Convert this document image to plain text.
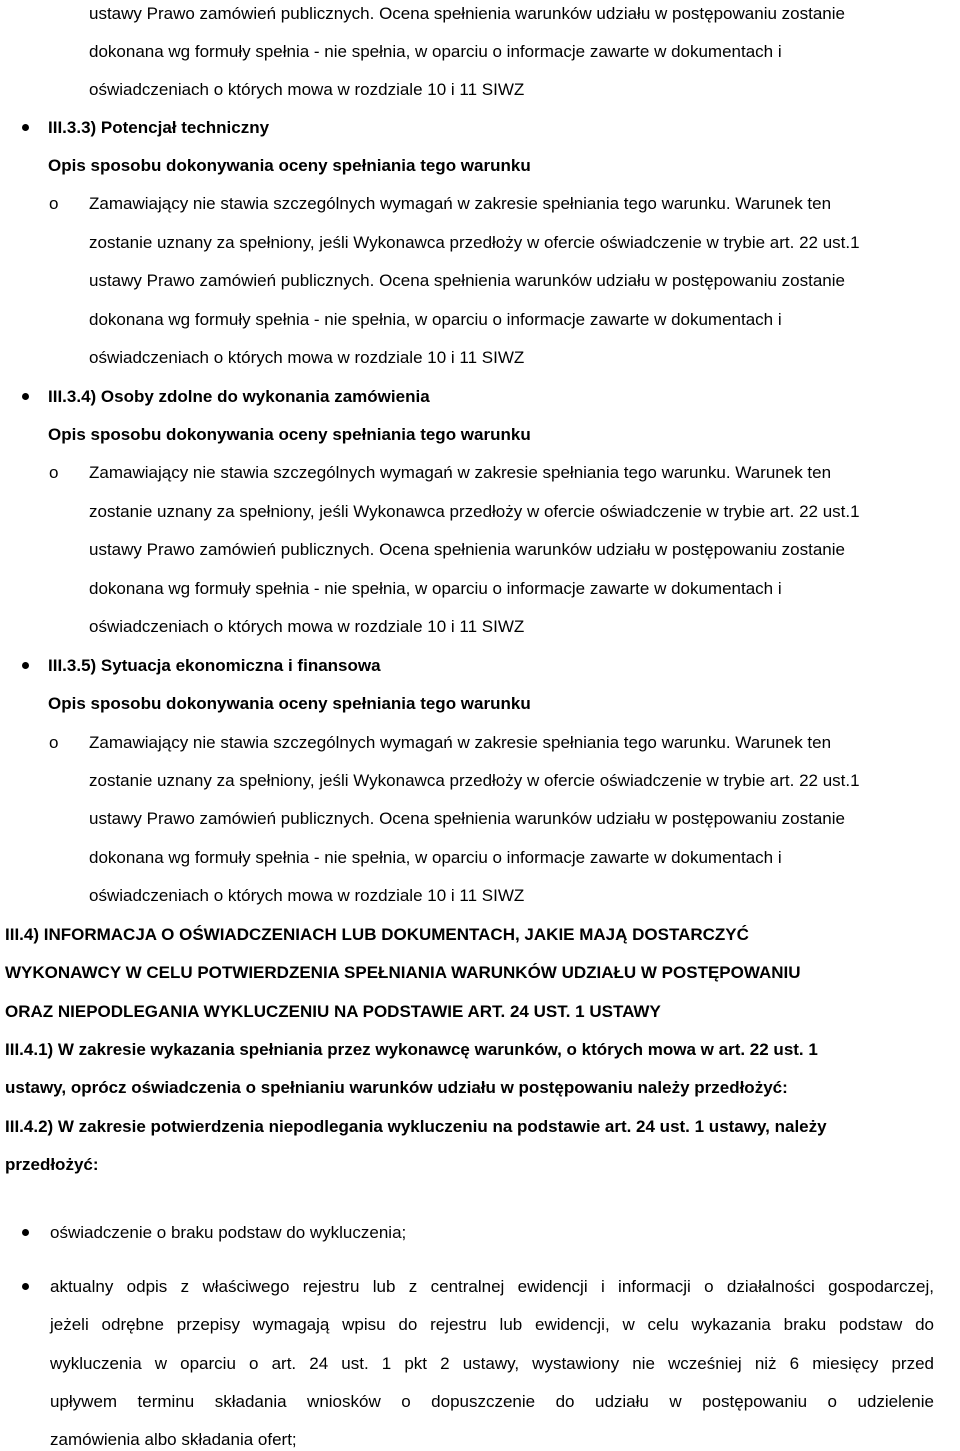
ustawy Prawo zamówień publicznych. Ocena spełnienia warunków udziału w postępowaniu zostanie
dokonana wg formuły spełnia - nie spełnia, w oparciu o informacje zawarte w dokumentach i
oświadczeniach o których mowa w rozdziale 10 i 11 SIWZ
III.3.3) Potencjał techniczny
Opis sposobu dokonywania oceny spełniania tego warunku
o Zamawiający nie stawia szczególnych wymagań w zakresie spełniania tego warunku. Warunek ten
zostanie uznany za spełniony, jeśli Wykonawca przedłoży w ofercie oświadczenie w trybie art. 22 ust.1
ustawy Prawo zamówień publicznych. Ocena spełnienia warunków udziału w postępowaniu zostanie
dokonana wg formuły spełnia - nie spełnia, w oparciu o informacje zawarte w dokumentach i
oświadczeniach o których mowa w rozdziale 10 i 11 SIWZ
III.3.4) Osoby zdolne do wykonania zamówienia
Opis sposobu dokonywania oceny spełniania tego warunku
o Zamawiający nie stawia szczególnych wymagań w zakresie spełniania tego warunku. Warunek ten
zostanie uznany za spełniony, jeśli Wykonawca przedłoży w ofercie oświadczenie w trybie art. 22 ust.1
ustawy Prawo zamówień publicznych. Ocena spełnienia warunków udziału w postępowaniu zostanie
dokonana wg formuły spełnia - nie spełnia, w oparciu o informacje zawarte w dokumentach i
oświadczeniach o których mowa w rozdziale 10 i 11 SIWZ
III.3.5) Sytuacja ekonomiczna i finansowa
Opis sposobu dokonywania oceny spełniania tego warunku
o Zamawiający nie stawia szczególnych wymagań w zakresie spełniania tego warunku. Warunek ten
zostanie uznany za spełniony, jeśli Wykonawca przedłoży w ofercie oświadczenie w trybie art. 22 ust.1
ustawy Prawo zamówień publicznych. Ocena spełnienia warunków udziału w postępowaniu zostanie
dokonana wg formuły spełnia - nie spełnia, w oparciu o informacje zawarte w dokumentach i
oświadczeniach o których mowa w rozdziale 10 i 11 SIWZ
III.4) INFORMACJA O OŚWIADCZENIACH LUB DOKUMENTACH, JAKIE MAJĄ DOSTARCZYĆ
WYKONAWCY W CELU POTWIERDZENIA SPEŁNIANIA WARUNKÓW UDZIAŁU W POSTĘPOWANIU
ORAZ NIEPODLEGANIA WYKLUCZENIU NA PODSTAWIE ART. 24 UST. 1 USTAWY
III.4.1) W zakresie wykazania spełniania przez wykonawcę warunków, o których mowa w art. 22 ust. 1
ustawy, oprócz oświadczenia o spełnianiu warunków udziału w postępowaniu należy przedłożyć:
III.4.2) W zakresie potwierdzenia niepodlegania wykluczeniu na podstawie art. 24 ust. 1 ustawy, należy
przedłożyć:
oświadczenie o braku podstaw do wykluczenia;
aktualny odpis z właściwego rejestru lub z centralnej ewidencji i informacji o działalności gospodarczej,
jeżeli odrębne przepisy wymagają wpisu do rejestru lub ewidencji, w celu wykazania braku podstaw do
wykluczenia w oparciu o art. 24 ust. 1 pkt 2 ustawy, wystawiony nie wcześniej niż 6 miesięcy przed
upływem terminu składania wniosków o dopuszczenie do udziału w postępowaniu o udzielenie
zamówienia albo składania ofert;
